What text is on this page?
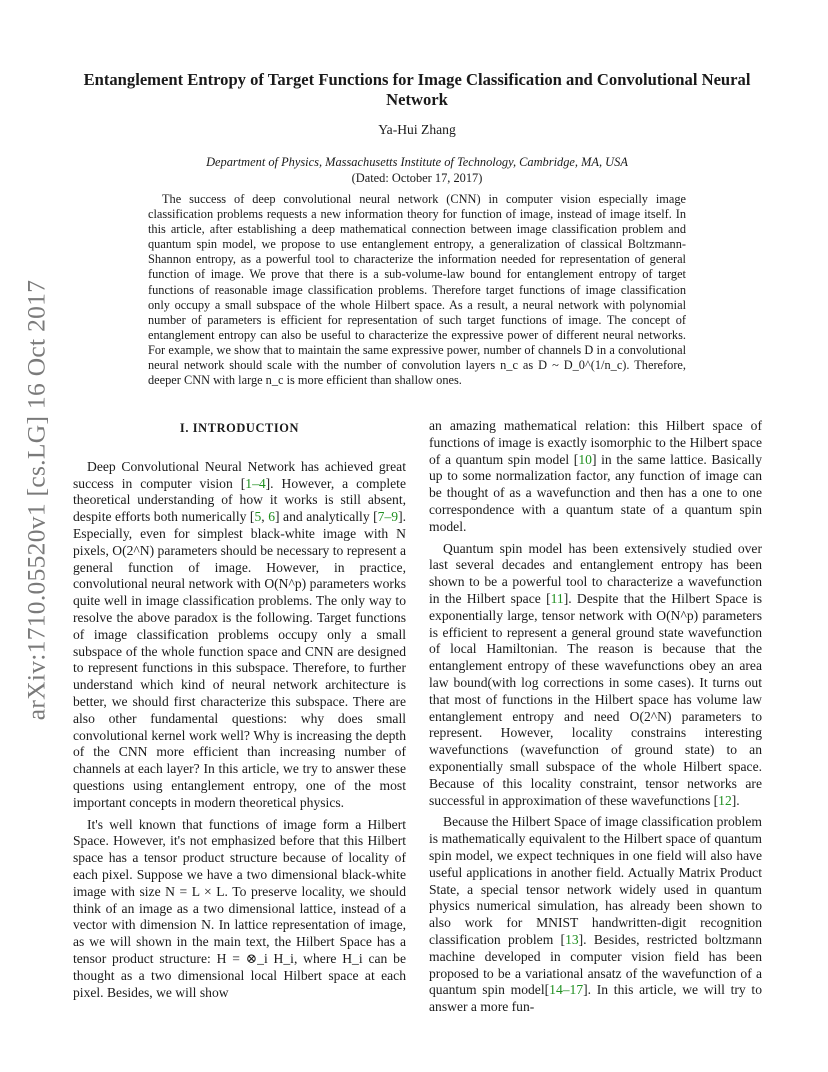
arXiv:1710.05520v1 [cs.LG] 16 Oct 2017
Entanglement Entropy of Target Functions for Image Classification and Convolutional Neural Network
Ya-Hui Zhang
Department of Physics, Massachusetts Institute of Technology, Cambridge, MA, USA
(Dated: October 17, 2017)

The success of deep convolutional neural network (CNN) in computer vision especially image classification problems requests a new information theory for function of image, instead of image itself. In this article, after establishing a deep mathematical connection between image classification problem and quantum spin model, we propose to use entanglement entropy, a generalization of classical Boltzmann-Shannon entropy, as a powerful tool to characterize the information needed for representation of general function of image. We prove that there is a sub-volume-law bound for entanglement entropy of target functions of reasonable image classification problems. Therefore target functions of image classification only occupy a small subspace of the whole Hilbert space. As a result, a neural network with polynomial number of parameters is efficient for representation of such target functions of image. The concept of entanglement entropy can also be useful to characterize the expressive power of different neural networks. For example, we show that to maintain the same expressive power, number of channels D in a convolutional neural network should scale with the number of convolution layers n_c as D ~ D_0^(1/n_c). Therefore, deeper CNN with large n_c is more efficient than shallow ones.

I. INTRODUCTION

Deep Convolutional Neural Network has achieved great success in computer vision [1–4]. However, a complete theoretical understanding of how it works is still absent, despite efforts both numerically [5, 6] and analytically [7–9]. Especially, even for simplest black-white image with N pixels, O(2^N) parameters should be necessary to represent a general function of image. However, in practice, convolutional neural network with O(N^p) parameters works quite well in image classification problems. The only way to resolve the above paradox is the following. Target functions of image classification problems occupy only a small subspace of the whole function space and CNN are designed to represent functions in this subspace. Therefore, to further understand which kind of neural network architecture is better, we should first characterize this subspace. There are also other fundamental questions: why does small convolutional kernel work well? Why is increasing the depth of the CNN more efficient than increasing number of channels at each layer? In this article, we try to answer these questions using entanglement entropy, one of the most important concepts in modern theoretical physics.

It's well known that functions of image form a Hilbert Space. However, it's not emphasized before that this Hilbert space has a tensor product structure because of locality of each pixel. Suppose we have a two dimensional black-white image with size N = L × L. To preserve locality, we should think of an image as a two dimensional lattice, instead of a vector with dimension N. In lattice representation of image, as we will shown in the main text, the Hilbert Space has a tensor product structure: H = ⊗_i H_i, where H_i can be thought as a two dimensional local Hilbert space at each pixel. Besides, we will show

an amazing mathematical relation: this Hilbert space of functions of image is exactly isomorphic to the Hilbert space of a quantum spin model [10] in the same lattice. Basically up to some normalization factor, any function of image can be thought of as a wavefunction and then has a one to one correspondence with a quantum state of a quantum spin model.

Quantum spin model has been extensively studied over last several decades and entanglement entropy has been shown to be a powerful tool to characterize a wavefunction in the Hilbert space [11]. Despite that the Hilbert Space is exponentially large, tensor network with O(N^p) parameters is efficient to represent a general ground state wavefunction of local Hamiltonian. The reason is because that the entanglement entropy of these wavefunctions obey an area law bound(with log corrections in some cases). It turns out that most of functions in the Hilbert space has volume law entanglement entropy and need O(2^N) parameters to represent. However, locality constrains interesting wavefunctions (wavefunction of ground state) to an exponentially small subspace of the whole Hilbert space. Because of this locality constraint, tensor networks are successful in approximation of these wavefunctions [12].

Because the Hilbert Space of image classification problem is mathematically equivalent to the Hilbert space of quantum spin model, we expect techniques in one field will also have useful applications in another field. Actually Matrix Product State, a special tensor network widely used in quantum physics numerical simulation, has already been shown to also work for MNIST handwritten-digit recognition classification problem [13]. Besides, restricted boltzmann machine developed in computer vision field has been proposed to be a variational ansatz of the wavefunction of a quantum spin model[14–17]. In this article, we will try to answer a more fun-
